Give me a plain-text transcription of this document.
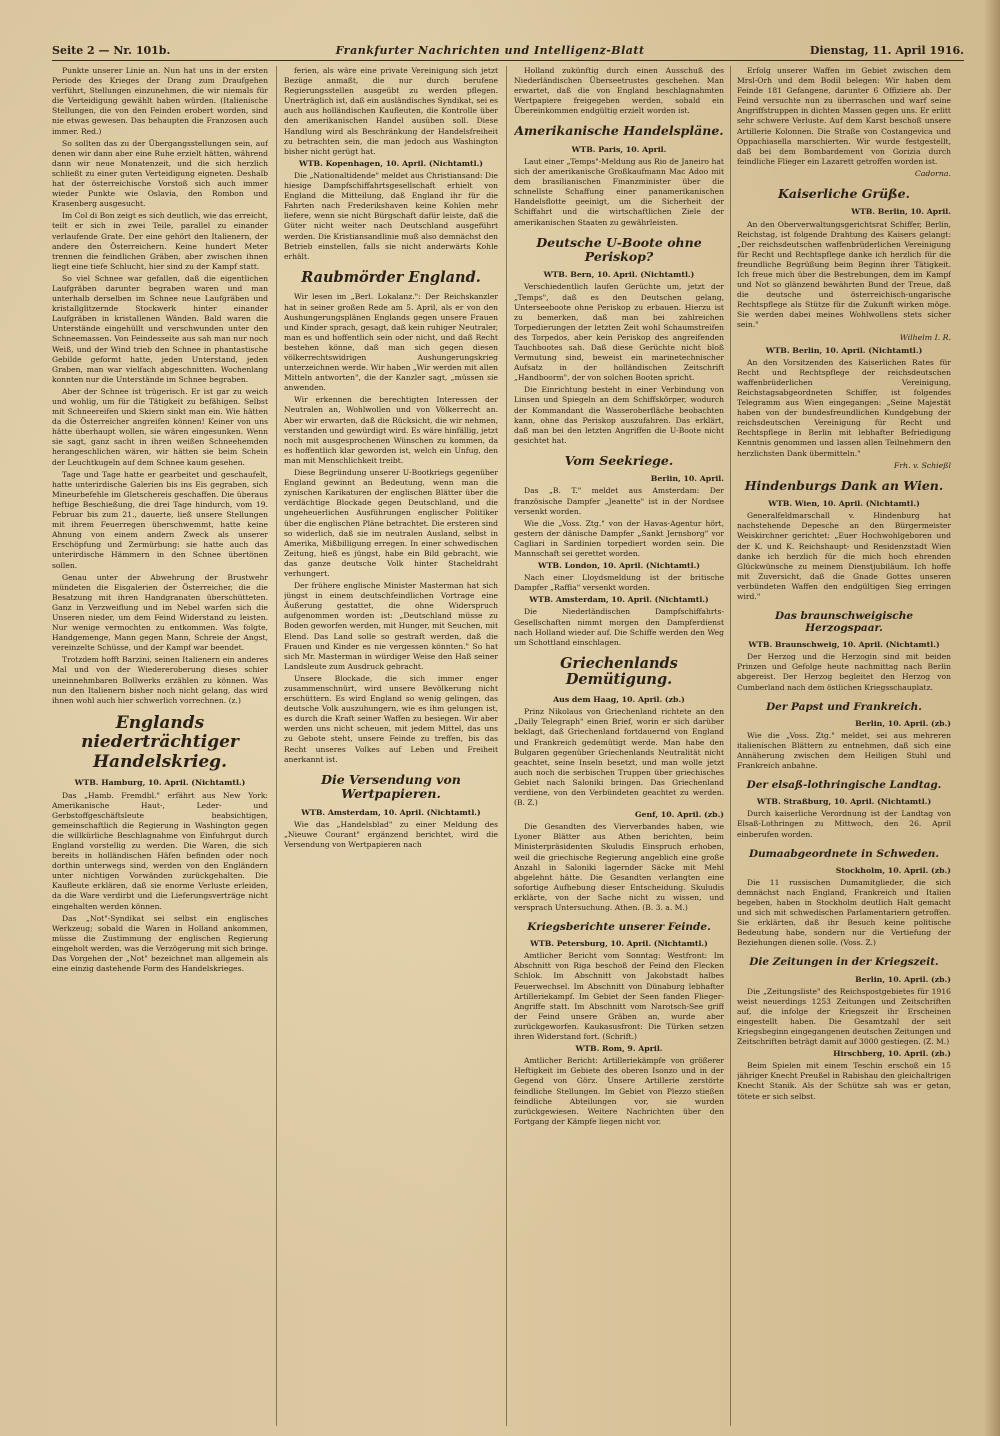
Seite 2 — Nr. 101b.	Frankfurter Nachrichten und Intelligenz-Blatt	Dienstag, 11. April 1916.

Punkte unserer Linie an. Nun hat uns in der ersten Periode des Krieges der Drang zum Draufgehen verführt, Stellungen einzunehmen, die wir niemals für die Verteidigung gewählt haben würden. (Italienische Stellungen, die von den Feinden erobert worden, sind nie etwas gewesen. Das behaupten die Franzosen auch immer. Red.)

So sollten das zu der Übergangsstellungen sein, auf denen wir dann aber eine Ruhe erzielt hätten, während dann wir neue Monatenzeit, und die sich herzlich schließt zu einer guten Verteidigung eigneten. Deshalb hat der österreichische Vorstoß sich auch immer wieder Punkte wie Oslavia, den Rombon und Krasenberg ausgesucht.

Im Col di Bon zeigt es sich deutlich, wie das erreicht, teilt er sich in zwei Teile, parallel zu einander verlaufende Grate. Der eine gehört den Italienern, der andere den Österreichern. Keine hundert Meter trennen die feindlichen Gräben, aber zwischen ihnen liegt eine tiefe Schlucht, hier sind zu der Kampf statt.

So viel Schnee war gefallen, daß die eigentlichen Laufgräben darunter begraben waren und man unterhalb derselben im Schnee neue Laufgräben und kristallglitzernde Stockwerk hinter einander Laufgräben in kristallenen Wänden. Bald waren die Unterstände eingehüllt und verschwunden unter den Schneemassen. Von Feindesseite aus sah man nur noch Weiß, und der Wind trieb den Schnee in phantastische Gebilde geformt hatte, jeden Unterstand, jeden Graben, man war vielfach abgeschnitten. Wochenlang konnten nur die Unterstände im Schnee begraben.

Aber der Schnee ist trügerisch. Er ist gar zu weich und wohlig, um für die Tätigkeit zu befähigen. Selbst mit Schneereifen und Skiern sinkt man ein. Wie hätten da die Österreicher angreifen können! Keiner von uns hätte überhaupt wollen, sie wären eingesunken. Wenn sie sagt, ganz sacht in ihren weißen Schneehemden herangeschlichen wären, wir hätten sie beim Schein der Leuchtkugeln auf dem Schnee kaum gesehen.

Tage und Tage hatte er gearbeitet und geschaufelt, hatte unterirdische Galerien bis ins Eis gegraben, sich Mineurbefehle im Gletschereis geschaffen. Die überaus heftige Beschießung, die drei Tage hindurch, vom 19. Februar bis zum 21., dauerte, ließ unsere Stellungen mit ihrem Feuerregen überschwemmt, hatte keine Ahnung von einem andern Zweck als unserer Erschöpfung und Zermürbung: sie hatte auch das unterirdische Hämmern in den Schnee übertönen sollen.

Genau unter der Abwehrung der Brustwehr mündeten die Eisgalerien der Österreicher, die die Besatzung mit ihren Handgranaten überschütteten. Ganz in Verzweiflung und im Nebel warfen sich die Unseren nieder, um dem Feind Widerstand zu leisten. Nur wenige vermochten zu entkommen. Was folgte, Handgemenge, Mann gegen Mann, Schreie der Angst, vereinzelte Schüsse, und der Kampf war beendet.

Trotzdem hofft Barzini, seinen Italienern ein anderes Mal und von der Wiedereroberung dieses schier uneinnehmbaren Bollwerks erzählen zu können. Was nun den Italienern bisher noch nicht gelang, das wird ihnen wohl auch hier schwerlich vorrechnen. (z.)

Englands niederträchtiger Handelskrieg.
WTB. Hamburg, 10. April. (Nichtamtl.)

Das „Hamb. Fremdbl." erfährt aus New York: Amerikanische Haut-, Leder- und Gerbstoffgeschäftsleute beabsichtigen, gemeinschaftlich die Regierung in Washington gegen die willkürliche Beschlagnahme von Einfuhrgut durch England vorstellig zu werden. Die Waren, die sich bereits in holländischen Häfen befinden oder noch dorthin unterwegs sind, werden von den Engländern unter nichtigen Vorwänden zurückgehalten. Die Kaufleute erklären, daß sie enorme Verluste erleiden, da die Ware verdirbt und die Lieferungsverträge nicht eingehalten werden können.

Das „Not"-Syndikat sei selbst ein englisches Werkzeug; sobald die Waren in Holland ankommen, müsse die Zustimmung der englischen Regierung eingeholt werden, was die Verzögerung mit sich bringe. Das Vorgehen der „Not" bezeichnet man allgemein als eine einzig dastehende Form des Handelskrieges.

ferien, als wäre eine private Vereinigung sich jetzt Bezüge anmaßt, die nur durch berufene Regierungsstellen ausgeübt zu werden pflegen. Unerträglich ist, daß ein ausländisches Syndikat, sei es auch aus holländischen Kaufleuten, die Kontrolle über den amerikanischen Handel ausüben soll. Diese Handlung wird als Beschränkung der Handelsfreiheit zu betrachten sein, die man jedoch aus Washington bisher nicht gerügt hat.

WTB. Kopenhagen, 10. April. (Nichtamtl.)

Die „Nationaltidende" meldet aus Christiansand: Die hiesige Dampfschiffahrtsgesellschaft erhielt von England die Mitteilung, daß England ihr für die Fahrten nach Frederikshaven keine Kohlen mehr liefere, wenn sie nicht Bürgschaft dafür leiste, daß die Güter nicht weiter nach Deutschland ausgeführt werden. Die Kristiansandlinie muß also demnächst den Betrieb einstellen, falls sie nicht anderwärts Kohle erhält.

Raubmörder England.

Wir lesen im „Berl. Lokalanz.": Der Reichskanzler hat in seiner großen Rede am 5. April, als er von den Aushungerungsplänen Englands gegen unsere Frauen und Kinder sprach, gesagt, daß kein ruhiger Neutraler, man es und hoffentlich sein oder nicht, und daß Recht bestehen könne, daß man sich gegen diesen völkerrechtswidrigen Aushungerungskrieg unterzeichnen werde. Wir haben „Wir werden mit allen Mitteln antworten", die der Kanzler sagt, „müssen sie anwenden.

Wir erkennen die berechtigten Interessen der Neutralen an, Wohlwollen und von Völkerrecht an. Aber wir erwarten, daß die Rücksicht, die wir nehmen, verstanden und gewürdigt wird. Es wäre hinfällig, jetzt noch mit ausgesprochenen Wünschen zu kommen, da es hoffentlich klar geworden ist, welch ein Unfug, den man mit Menschlichkeit treibt.

Diese Begründung unserer U-Bootkriegs gegenüber England gewinnt an Bedeutung, wenn man die zynischen Karikaturen der englischen Blätter über die verdächtige Blockade gegen Deutschland, und die ungeheuerlichen Ausführungen englischer Politiker über die englischen Pläne betrachtet. Die ersteren sind so widerlich, daß sie im neutralen Ausland, selbst in Amerika, Mißbilligung erregen. In einer schwedischen Zeitung, hieß es jüngst, habe ein Bild gebracht, wie das ganze deutsche Volk hinter Stacheldraht verhungert.

Der frühere englische Minister Masterman hat sich jüngst in einem deutschfeindlichen Vortrage eine Äußerung gestattet, die ohne Widerspruch aufgenommen worden ist: „Deutschland müsse zu Boden geworfen werden, mit Hunger, mit Seuchen, mit Elend. Das Land solle so gestraft werden, daß die Frauen und Kinder es nie vergessen könnten." So hat sich Mr. Masterman in würdiger Weise den Haß seiner Landsleute zum Ausdruck gebracht.

Unsere Blockade, die sich immer enger zusammenschnürt, wird unsere Bevölkerung nicht erschüttern. Es wird England so wenig gelingen, das deutsche Volk auszuhungern, wie es ihm gelungen ist, es durch die Kraft seiner Waffen zu besiegen. Wir aber werden uns nicht scheuen, mit jedem Mittel, das uns zu Gebote steht, unsere Feinde zu treffen, bis das Recht unseres Volkes auf Leben und Freiheit anerkannt ist.

Die Versendung von Wertpapieren.
WTB. Amsterdam, 10. April. (Nichtamtl.)

Wie das „Handelsblad" zu einer Meldung des „Nieuwe Courant" ergänzend berichtet, wird die Versendung von Wertpapieren nach

Holland zukünftig durch einen Ausschuß des Niederländischen Überseetrustes geschehen. Man erwartet, daß die von England beschlagnahmten Wertpapiere freigegeben werden, sobald ein Übereinkommen endgültig erzielt worden ist.

Amerikanische Handelspläne.
WTB. Paris, 10. April.

Laut einer „Temps"-Meldung aus Rio de Janeiro hat sich der amerikanische Großkaufmann Mac Adoo mit dem brasilianischen Finanzminister über die schnellste Schaffung einer panamerikanischen Handelsflotte geeinigt, um die Sicherheit der Schiffahrt und die wirtschaftlichen Ziele der amerikanischen Staaten zu gewährleisten.

Deutsche U-Boote ohne Periskop?
WTB. Bern, 10. April. (Nichtamtl.)

Verschiedentlich laufen Gerüchte um, jetzt der „Temps", daß es den Deutschen gelang, Unterseeboote ohne Periskop zu erbauen. Hierzu ist zu bemerken, daß man bei zahlreichen Torpedierungen der letzten Zeit wohl Schaumstreifen des Torpedos, aber kein Periskop des angreifenden Tauchbootes sah. Daß diese Gerüchte nicht bloß Vermutung sind, beweist ein marinetechnischer Aufsatz in der holländischen Zeitschrift „Handboorm", der von solchen Booten spricht.

Die Einrichtung besteht in einer Verbindung von Linsen und Spiegeln an dem Schiffskörper, wodurch der Kommandant die Wasseroberfläche beobachten kann, ohne das Periskop auszufahren. Das erklärt, daß man bei den letzten Angriffen die U-Boote nicht gesichtet hat.

Vom Seekriege.
Berlin, 10. April.

Das „B. T." meldet aus Amsterdam: Der französische Dampfer „Jeanette" ist in der Nordsee versenkt worden.

Wie die „Voss. Ztg." von der Havas-Agentur hört, gestern der dänische Dampfer „Sankt Jernsborg" vor Cagliari in Sardinien torpediert worden sein. Die Mannschaft sei gerettet worden.

WTB. London, 10. April. (Nichtamtl.)

Nach einer Lloydsmeldung ist der britische Dampfer „Raffia" versenkt worden.

WTB. Amsterdam, 10. April. (Nichtamtl.)

Die Niederländischen Dampfschiffahrts-Gesellschaften nimmt morgen den Dampferdienst nach Holland wieder auf. Die Schiffe werden den Weg um Schottland einschlagen.

Griechenlands Demütigung.
Aus dem Haag, 10. April. (zb.)

Prinz Nikolaus von Griechenland richtete an den „Daily Telegraph" einen Brief, worin er sich darüber beklagt, daß Griechenland fortdauernd von England und Frankreich gedemütigt werde. Man habe den Bulgaren gegenüber Griechenlands Neutralität nicht geachtet, seine Inseln besetzt, und man wolle jetzt auch noch die serbischen Truppen über griechisches Gebiet nach Saloniki bringen. Das Griechenland verdiene, von den Verbündeten geachtet zu werden. (B. Z.)

Genf, 10. April. (zb.)

Die Gesandten des Vierverbandes haben, wie Lyoner Blätter aus Athen berichten, beim Ministerpräsidenten Skuludis Einspruch erhoben, weil die griechische Regierung angeblich eine große Anzahl in Saloniki lagernder Säcke mit Mehl abgelehnt hätte. Die Gesandten verlangten eine sofortige Aufhebung dieser Entscheidung. Skuludis erklärte, von der Sache nicht zu wissen, und versprach Untersuchung. Athen. (B. 3. a. M.)

Kriegsberichte unserer Feinde.
WTB. Petersburg, 10. April. (Nichtamtl.)

Amtlicher Bericht vom Sonntag: Westfront: Im Abschnitt von Riga beschoß der Feind den Flecken Schlok. Im Abschnitt von Jakobstadt halbes Feuerwechsel. Im Abschnitt von Dünaburg lebhafter Artilleriekampf. Im Gebiet der Seen fanden Flieger-Angriffe statt. Im Abschnitt vom Narotsch-See griff der Feind unsere Gräben an, wurde aber zurückgeworfen. Kaukasusfront: Die Türken setzen ihren Widerstand fort. (Schrift.)

WTB. Rom, 9. April.

Amtlicher Bericht: Artilleriekämpfe von größerer Heftigkeit im Gebiete des oberen Isonzo und in der Gegend von Görz. Unsere Artillerie zerstörte feindliche Stellungen. Im Gebiet von Plezzo stießen feindliche Abteilungen vor, sie wurden zurückgewiesen. Weitere Nachrichten über den Fortgang der Kämpfe liegen nicht vor.

Erfolg unserer Waffen im Gebiet zwischen dem Mrsl-Orh und dem Bodil belegen: Wir haben dem Feinde 181 Gefangene, darunter 6 Offiziere ab. Der Feind versuchte nun zu überraschen und warf seine Angriffstruppen in dichten Massen gegen uns. Er erlitt sehr schwere Verluste. Auf dem Karst beschoß unsere Artillerie Kolonnen. Die Straße von Costangevica und Oppachiasella marschierten. Wir wurde festgestellt, daß bei dem Bombardement von Gorizia durch feindliche Flieger ein Lazarett getroffen worden ist.

Cadorna.
Kaiserliche Grüße.
WTB. Berlin, 10. April.

An den Oberverwaltungsgerichtsrat Schiffer, Berlin, Reichstag, ist folgende Drahtung des Kaisers gelangt: „Der reichsdeutschen waffenbrüderlichen Vereinigung für Recht und Rechtspflege danke ich herzlich für die freundliche Begrüßung beim Beginn ihrer Tätigkeit. Ich freue mich über die Bestrebungen, dem im Kampf und Not so glänzend bewährten Bund der Treue, daß die deutsche und österreichisch-ungarische Rechtspflege als Stütze für die Zukunft wirken möge. Sie werden dabei meines Wohlwollens stets sicher sein."

Wilhelm I. R.
WTB. Berlin, 10. April. (Nichtamtl.)

An den Vorsitzenden des Kaiserlichen Rates für Recht und Rechtspflege der reichsdeutschen waffenbrüderlichen Vereinigung, Reichstagsabgeordneten Schiffer, ist folgendes Telegramm aus Wien eingegangen: „Seine Majestät haben von der bundesfreundlichen Kundgebung der reichsdeutschen Vereinigung für Recht und Rechtspflege in Berlin mit lebhafter Befriedigung Kenntnis genommen und lassen allen Teilnehmern den herzlichsten Dank übermitteln."

Frh. v. Schießl
Hindenburgs Dank an Wien.
WTB. Wien, 10. April. (Nichtamtl.)

Generalfeldmarschall v. Hindenburg hat nachstehende Depesche an den Bürgermeister Weiskirchner gerichtet: „Euer Hochwohlgeboren und der K. und K. Reichshaupt- und Residenzstadt Wien danke ich herzlich für die mich hoch ehrenden Glückwünsche zu meinem Dienstjubiläum. Ich hoffe mit Zuversicht, daß die Gnade Gottes unseren verbündeten Waffen den endgültigen Sieg erringen wird."

Das braunschweigische Herzogspaar.
WTB. Braunschweig, 10. April. (Nichtamtl.)

Der Herzog und die Herzogin sind mit beiden Prinzen und Gefolge heute nachmittag nach Berlin abgereist. Der Herzog begleitet den Herzog von Cumberland nach dem östlichen Kriegsschauplatz.

Der Papst und Frankreich.
Berlin, 10. April. (zb.)

Wie die „Voss. Ztg." meldet, sei aus mehreren italienischen Blättern zu entnehmen, daß sich eine Annäherung zwischen dem Heiligen Stuhl und Frankreich anbahne.

Der elsaß-lothringische Landtag.
WTB. Straßburg, 10. April. (Nichtamtl.)

Durch kaiserliche Verordnung ist der Landtag von Elsaß-Lothringen zu Mittwoch, den 26. April einberufen worden.

Dumaabgeordnete in Schweden.
Stockholm, 10. April. (zb.)

Die 11 russischen Dumamitglieder, die sich demnächst nach England, Frankreich und Italien begeben, haben in Stockholm deutlich Halt gemacht und sich mit schwedischen Parlamentariern getroffen. Sie erklärten, daß ihr Besuch keine politische Bedeutung habe, sondern nur die Vertiefung der Beziehungen dienen solle. (Voss. Z.)

Die Zeitungen in der Kriegszeit.
Berlin, 10. April. (zb.)

Die „Zeitungsliste" des Reichspostgebietes für 1916 weist neuerdings 1253 Zeitungen und Zeitschriften auf, die infolge der Kriegszeit ihr Erscheinen eingestellt haben. Die Gesamtzahl der seit Kriegsbeginn eingegangenen deutschen Zeitungen und Zeitschriften beträgt damit auf 3000 gestiegen. (Z. M.)

Hirschberg, 10. April. (zb.)

Beim Spielen mit einem Teschin erschoß ein 15 jähriger Knecht Preußel in Rabishau den gleichaltrigen Knecht Stanik. Als der Schütze sah was er getan, tötete er sich selbst.
